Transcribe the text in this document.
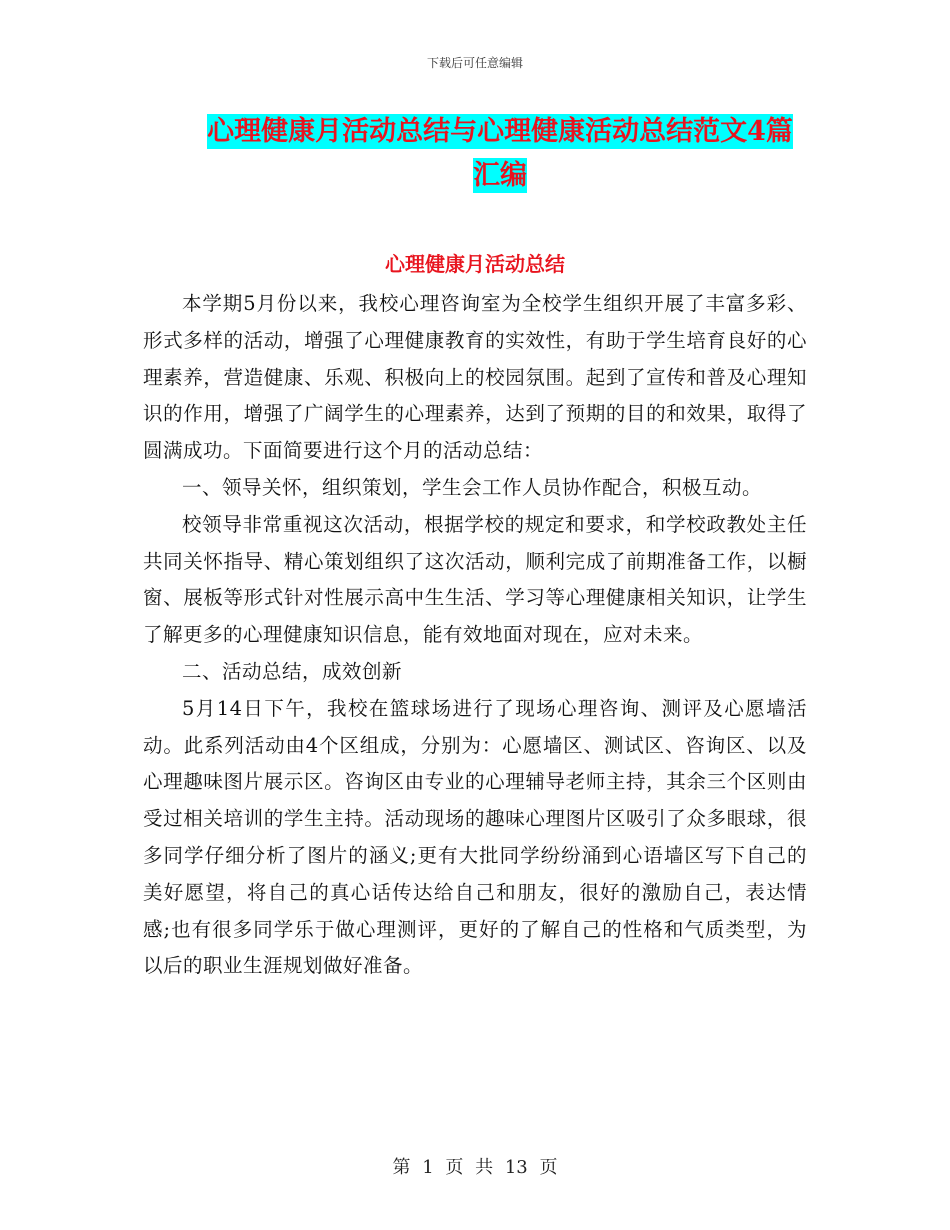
下载后可任意编辑
心理健康月活动总结与心理健康活动总结范文4篇汇编
心理健康月活动总结

本学期5月份以来，我校心理咨询室为全校学生组织开展了丰富多彩、形式多样的活动，增强了心理健康教育的实效性，有助于学生培育良好的心理素养，营造健康、乐观、积极向上的校园氛围。起到了宣传和普及心理知识的作用，增强了广阔学生的心理素养，达到了预期的目的和效果，取得了圆满成功。下面简要进行这个月的活动总结：

一、领导关怀，组织策划，学生会工作人员协作配合，积极互动。

校领导非常重视这次活动，根据学校的规定和要求，和学校政教处主任共同关怀指导、精心策划组织了这次活动，顺利完成了前期准备工作，以橱窗、展板等形式针对性展示高中生生活、学习等心理健康相关知识，让学生了解更多的心理健康知识信息，能有效地面对现在，应对未来。

二、活动总结，成效创新

5月14日下午，我校在篮球场进行了现场心理咨询、测评及心愿墙活动。此系列活动由4个区组成，分别为：心愿墙区、测试区、咨询区、以及心理趣味图片展示区。咨询区由专业的心理辅导老师主持，其余三个区则由受过相关培训的学生主持。活动现场的趣味心理图片区吸引了众多眼球，很多同学仔细分析了图片的涵义;更有大批同学纷纷涌到心语墙区写下自己的美好愿望，将自己的真心话传达给自己和朋友，很好的激励自己，表达情感;也有很多同学乐于做心理测评，更好的了解自己的性格和气质类型，为以后的职业生涯规划做好准备。

第 1 页 共 13 页
